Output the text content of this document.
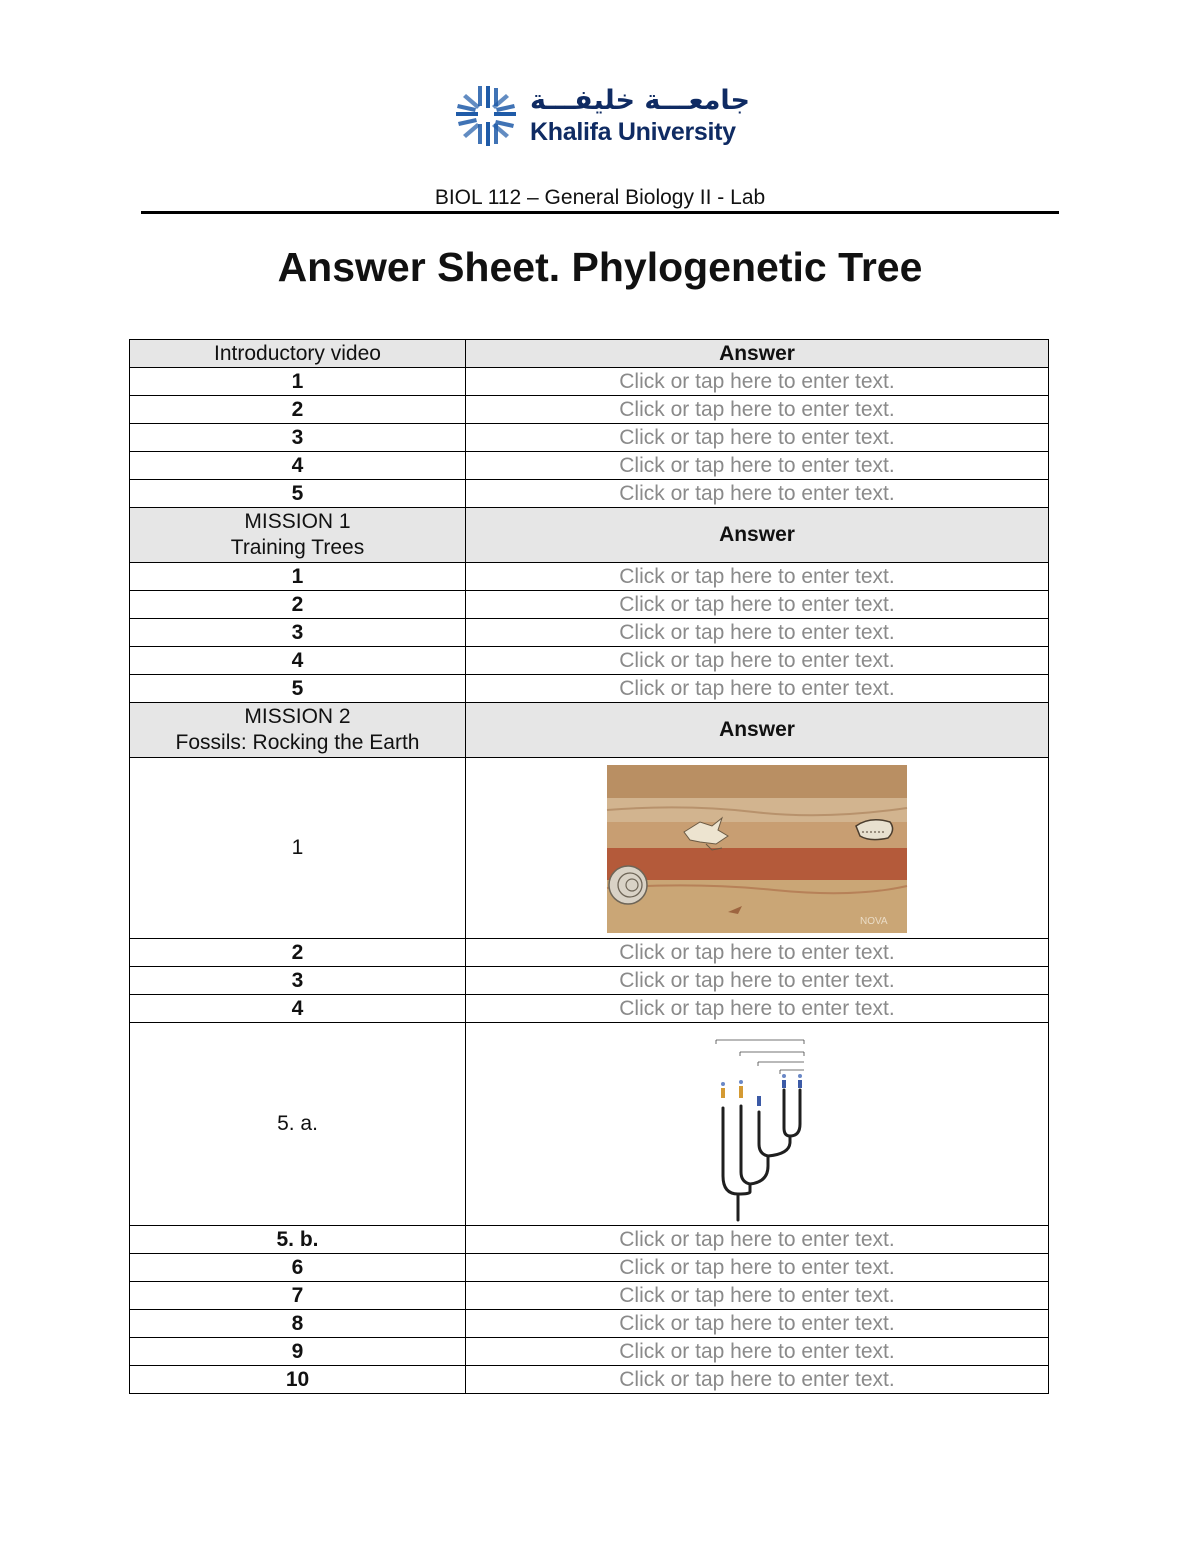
جامعـــة خليفـــة
Khalifa University
BIOL 112 – General Biology II - Lab
Answer Sheet. Phylogenetic Tree
Introductory video	Answer
1	Click or tap here to enter text.
2	Click or tap here to enter text.
3	Click or tap here to enter text.
4	Click or tap here to enter text.
5	Click or tap here to enter text.

MISSION 1
Training Trees	Answer
1	Click or tap here to enter text.
2	Click or tap here to enter text.
3	Click or tap here to enter text.
4	Click or tap here to enter text.
5	Click or tap here to enter text.

MISSION 2
Fossils: Rocking the Earth	Answer
1	NOVA

2	Click or tap here to enter text.
3	Click or tap here to enter text.
4	Click or tap here to enter text.
5. a.	

5. b.	Click or tap here to enter text.
6	Click or tap here to enter text.
7	Click or tap here to enter text.
8	Click or tap here to enter text.
9	Click or tap here to enter text.
10	Click or tap here to enter text.
